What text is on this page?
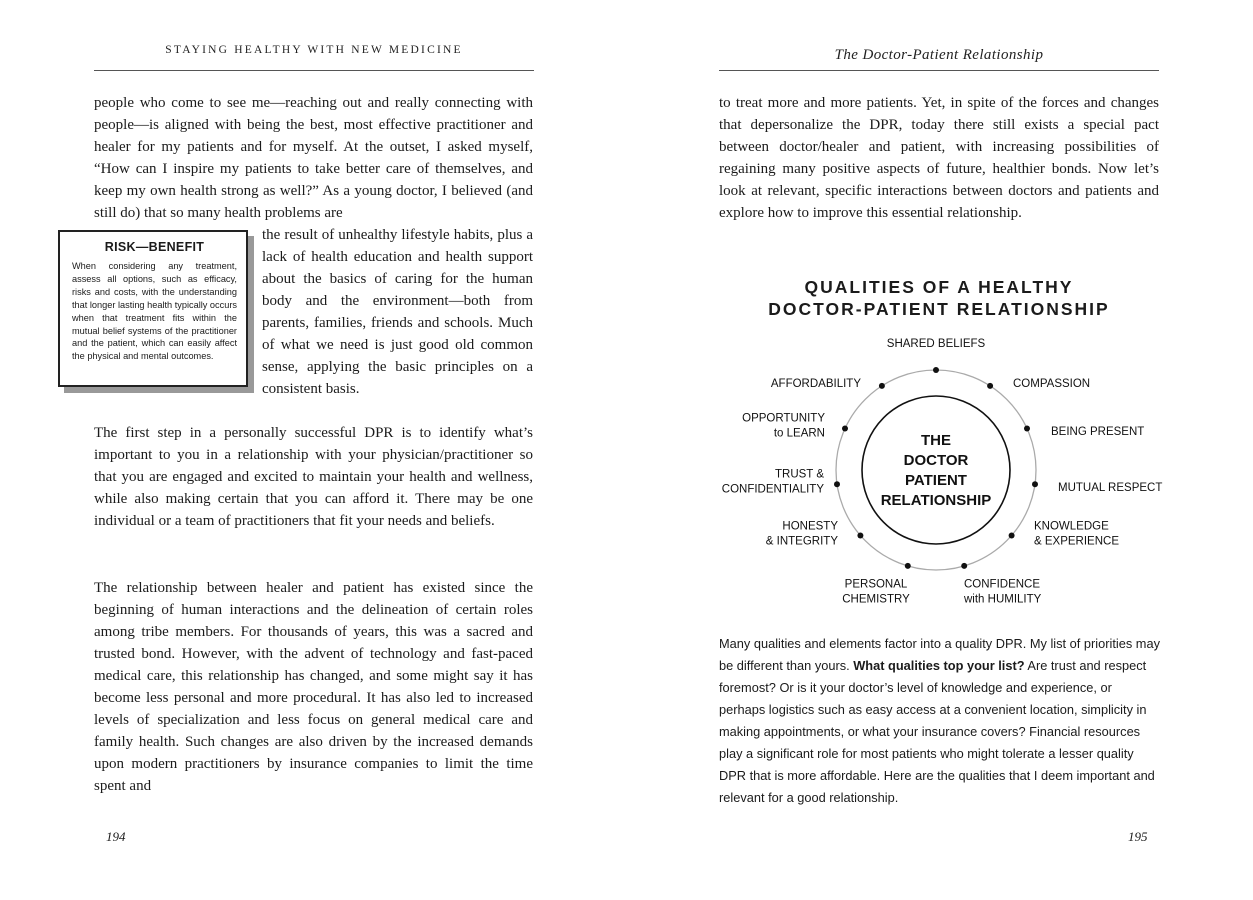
STAYING HEALTHY WITH NEW MEDICINE

people who come to see me—reaching out and really connecting with people—is aligned with being the best, most effective practitioner and healer for my patients and for myself. At the outset, I asked myself, “How can I inspire my patients to take better care of themselves, and keep my own health strong as well?” As a young doctor, I believed (and still do) that so many health problems are

RISK—BENEFIT
When considering any treatment, assess all options, such as efficacy, risks and costs, with the understanding that longer lasting health typically occurs when that treatment fits within the mutual belief systems of the practitioner and the patient, which can easily affect the physical and mental outcomes.

the result of unhealthy lifestyle habits, plus a lack of health education and health support about the basics of caring for the human body and the environment—both from parents, families, friends and schools. Much of what we need is just good old common sense, applying the basic principles on a consistent basis.

The first step in a personally successful DPR is to identify what’s important to you in a relationship with your physician/practitioner so that you are engaged and excited to maintain your health and wellness, while also making certain that you can afford it. There may be one individual or a team of practitioners that fit your needs and beliefs.

The relationship between healer and patient has existed since the beginning of human interactions and the delineation of certain roles among tribe members. For thousands of years, this was a sacred and trusted bond. However, with the advent of technology and fast-paced medical care, this relationship has changed, and some might say it has become less personal and more procedural. It has also led to increased levels of specialization and less focus on general medical care and family health. Such changes are also driven by the increased demands upon modern practitioners by insurance companies to limit the time spent and

194
The Doctor-Patient Relationship

to treat more and more patients. Yet, in spite of the forces and changes that depersonalize the DPR, today there still exists a special pact between doctor/healer and patient, with increasing possibilities of regaining many positive aspects of future, healthier bonds. Now let’s look at relevant, specific interactions between doctors and patients and explore how to improve this essential relationship.

QUALITIES OF A HEALTHY
DOCTOR-PATIENT RELATIONSHIP
THE
DOCTOR
PATIENT
RELATIONSHIP
SHARED BELIEFS
COMPASSION
BEING PRESENT
MUTUAL RESPECT
KNOWLEDGE
& EXPERIENCE
CONFIDENCE
with HUMILITY
PERSONAL
CHEMISTRY
HONESTY
& INTEGRITY
TRUST &
CONFIDENTIALITY
OPPORTUNITY
to LEARN
AFFORDABILITY

Many qualities and elements factor into a quality DPR. My list of priorities may be different than yours. What qualities top your list? Are trust and respect foremost? Or is it your doctor’s level of knowledge and experience, or perhaps logistics such as easy access at a convenient location, simplicity in making appointments, or what your insurance covers? Financial resources play a significant role for most patients who might tolerate a lesser quality DPR that is more affordable. Here are the qualities that I deem important and relevant for a good relationship.

195
